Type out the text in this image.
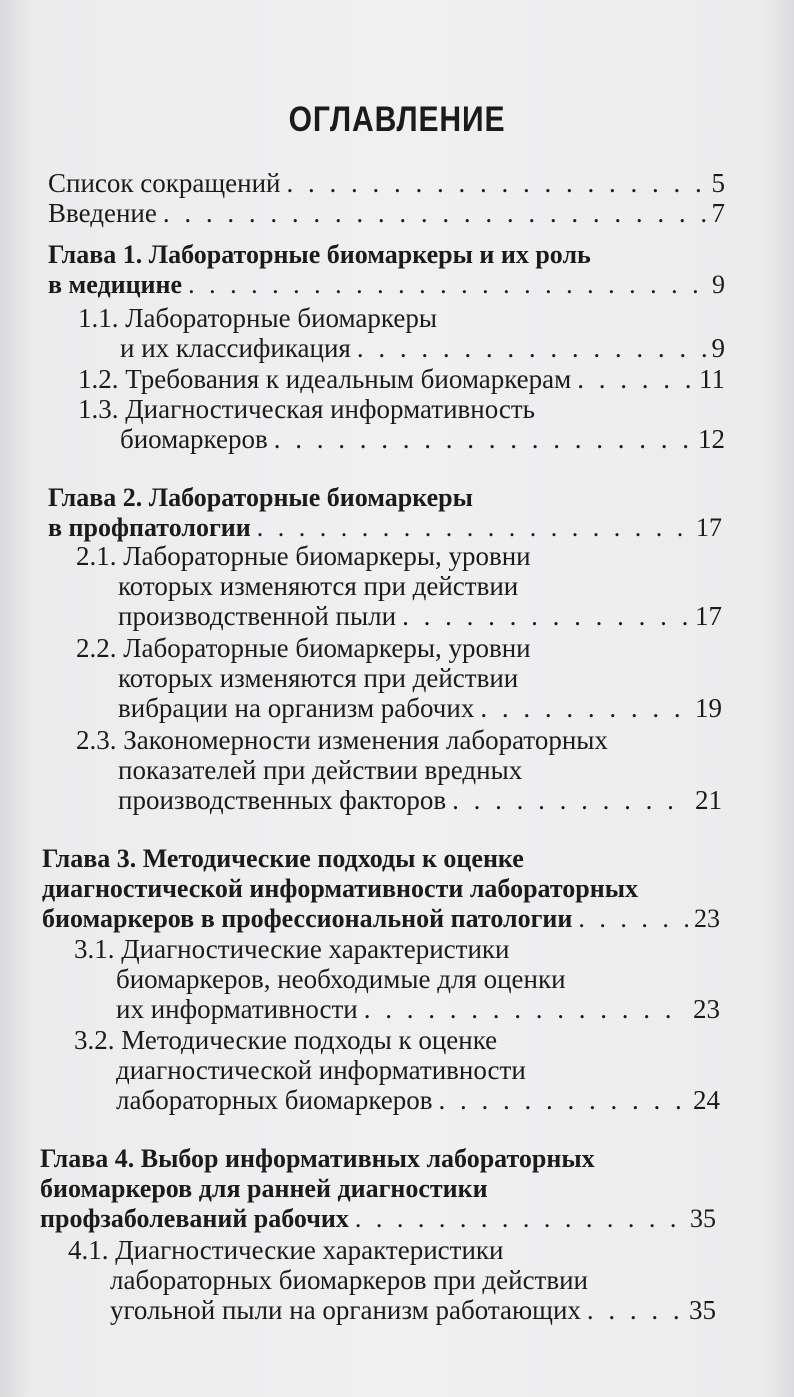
ОГЛАВЛЕНИЕ
Список сокращений . . .	5
Введение . . .	7
Глава 1. Лабораторные биомаркеры и их роль
в медицине . . .	9
1.1. Лабораторные биомаркеры
и их классификация . . .	9
1.2. Требования к идеальным биомаркерам . . .	11
1.3. Диагностическая информативность
биомаркеров . . .	12
Глава 2. Лабораторные биомаркеры
в профпатологии . . .	17
2.1. Лабораторные биомаркеры, уровни
которых изменяются при действии
производственной пыли . . .	17
2.2. Лабораторные биомаркеры, уровни
которых изменяются при действии
вибрации на организм рабочих . . .	19
2.3. Закономерности изменения лабораторных
показателей при действии вредных
производственных факторов . . .	21
Глава 3. Методические подходы к оценке
диагностической информативности лабораторных
биомаркеров в профессиональной патологии . . .	23
3.1. Диагностические характеристики
биомаркеров, необходимые для оценки
их информативности . . .	23
3.2. Методические подходы к оценке
диагностической информативности
лабораторных биомаркеров . . .	24
Глава 4. Выбор информативных лабораторных
биомаркеров для ранней диагностики
профзаболеваний рабочих . . .	35
4.1. Диагностические характеристики
лабораторных биомаркеров при действии
угольной пыли на организм работающих . . .	35
